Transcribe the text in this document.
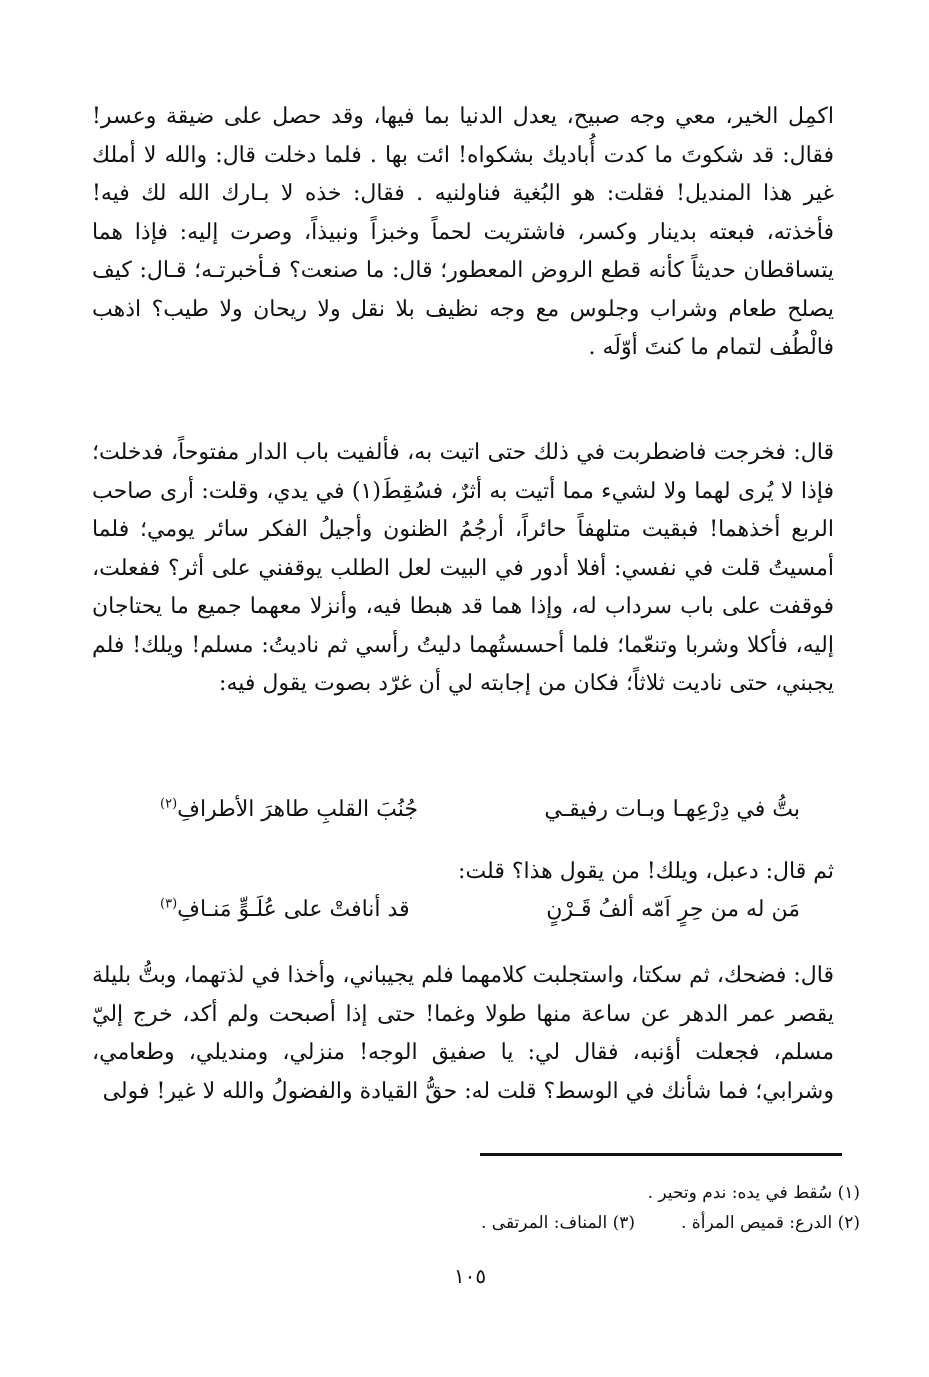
اكمِل الخير، معي وجه صبيح، يعدل الدنيا بما فيها، وقد حصل على ضيقة وعسر! فقال: قد شكوتَ ما كدت أُباديك بشكواه! ائت بها . فلما دخلت قال: والله لا أملك غير هذا المنديل! فقلت: هو البُغية فناولنيه . فقال: خذه لا بـارك الله لك فيه! فأخذته، فبعته بدينار وكسر، فاشتريت لحماً وخبزاً ونبيذاً، وصرت إليه: فإذا هما يتساقطان حديثاً كأنه قطع الروض المعطور؛ قال: ما صنعت؟ فـأخبرتـه؛ قـال: كيف يصلح طعام وشراب وجلوس مع وجه نظيف بلا نقل ولا ريحان ولا طيب؟ اذهب فالْطُف لتمام ما كنتَ أوّلَه .

قال: فخرجت فاضطربت في ذلك حتى اتيت به، فألفيت باب الدار مفتوحاً، فدخلت؛ فإذا لا يُرى لهما ولا لشيء مما أتيت به أثرٌ، فسُقِطَ(١) في يدي، وقلت: أرى صاحب الربع أخذهما! فبقيت متلهفاً حائراً، أرجُمُ الظنون وأجيلُ الفكر سائر يومي؛ فلما أمسيتُ قلت في نفسي: أفلا أدور في البيت لعل الطلب يوقفني على أثر؟ ففعلت، فوقفت على باب سرداب له، وإذا هما قد هبطا فيه، وأنزلا معهما جميع ما يحتاجان إليه، فأكلا وشربا وتنعّما؛ فلما أحسستُهما دليتُ رأسي ثم ناديتُ: مسلم! ويلك! فلم يجبني، حتى ناديت ثلاثاً؛ فكان من إجابته لي أن غرّد بصوت يقول فيه:

بتُّ في دِرْعِهـا وبـات رفيقـي
جُنُبَ القلبِ طاهرَ الأطرافِ$^{(٢)}$
ثم قال: دعبل، ويلك! من يقول هذا؟ قلت:
مَن له من حِرٍ اَمّه ألفُ قَـرْنٍ
قد أنافتْ على عُلَـوٍّ مَنـافِ$^{(٣)}$

قال: فضحك، ثم سكتا، واستجلبت كلامهما فلم يجيباني، وأخذا في لذتهما، وبتُّ بليلة يقصر عمر الدهر عن ساعة منها طولا وغما! حتى إذا أصبحت ولم أكد، خرج إليّ مسلم، فجعلت أؤنبه، فقال لي: يا صفيق الوجه! منزلي، ومنديلي، وطعامي، وشرابي؛ فما شأنك في الوسط؟ قلت له: حقُّ القيادة والفضولُ والله لا غير! فولى

(١) سُقط في يده: ندم وتحير .
(٢) الدرع: قميص المرأة .
(٣) المناف: المرتقى .
١٠٥
